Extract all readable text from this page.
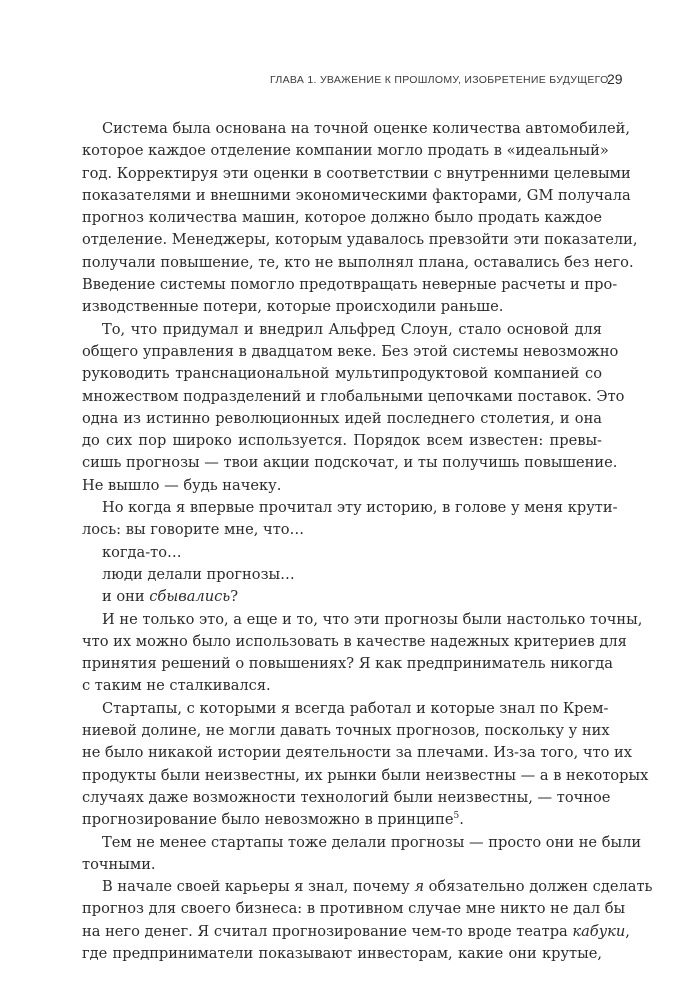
ГЛАВА 1. УВАЖЕНИЕ К ПРОШЛОМУ, ИЗОБРЕТЕНИЕ БУДУЩЕГО
29
Система была основана на точной оценке количества автомобилей,
которое каждое отделение компании могло продать в «идеальный»
год. Корректируя эти оценки в соответствии с внутренними целевыми
показателями и внешними экономическими факторами, GM получала
прогноз количества машин, которое должно было продать каждое
отделение. Менеджеры, которым удавалось превзойти эти показатели,
получали повышение, те, кто не выполнял плана, оставались без него.
Введение системы помогло предотвращать неверные расчеты и про-
изводственные потери, которые происходили раньше.
То, что придумал и внедрил Альфред Слоун, стало основой для
общего управления в двадцатом веке. Без этой системы невозможно
руководить транснациональной мультипродуктовой компанией со
множеством подразделений и глобальными цепочками поставок. Это
одна из истинно революционных идей последнего столетия, и она
до сих пор широко используется. Порядок всем известен: превы-
сишь прогнозы — твои акции подскочат, и ты получишь повышение.
Не вышло — будь начеку.
Но когда я впервые прочитал эту историю, в голове у меня крути-
лось: вы говорите мне, что…
когда-то…
люди делали прогнозы…
и они сбывались?
И не только это, а еще и то, что эти прогнозы были настолько точны,
что их можно было использовать в качестве надежных критериев для
принятия решений о повышениях? Я как предприниматель никогда
с таким не сталкивался.
Стартапы, с которыми я всегда работал и которые знал по Крем-
ниевой долине, не могли давать точных прогнозов, поскольку у них
не было никакой истории деятельности за плечами. Из-за того, что их
продукты были неизвестны, их рынки были неизвестны — а в некоторых
случаях даже возможности технологий были неизвестны, — точное
прогнозирование было невозможно в принципе$^5$.
Тем не менее стартапы тоже делали прогнозы — просто они не были
точными.
В начале своей карьеры я знал, почему я обязательно должен сделать
прогноз для своего бизнеса: в противном случае мне никто не дал бы
на него денег. Я считал прогнозирование чем-то вроде театра кабуки,
где предприниматели показывают инвесторам, какие они крутые,
